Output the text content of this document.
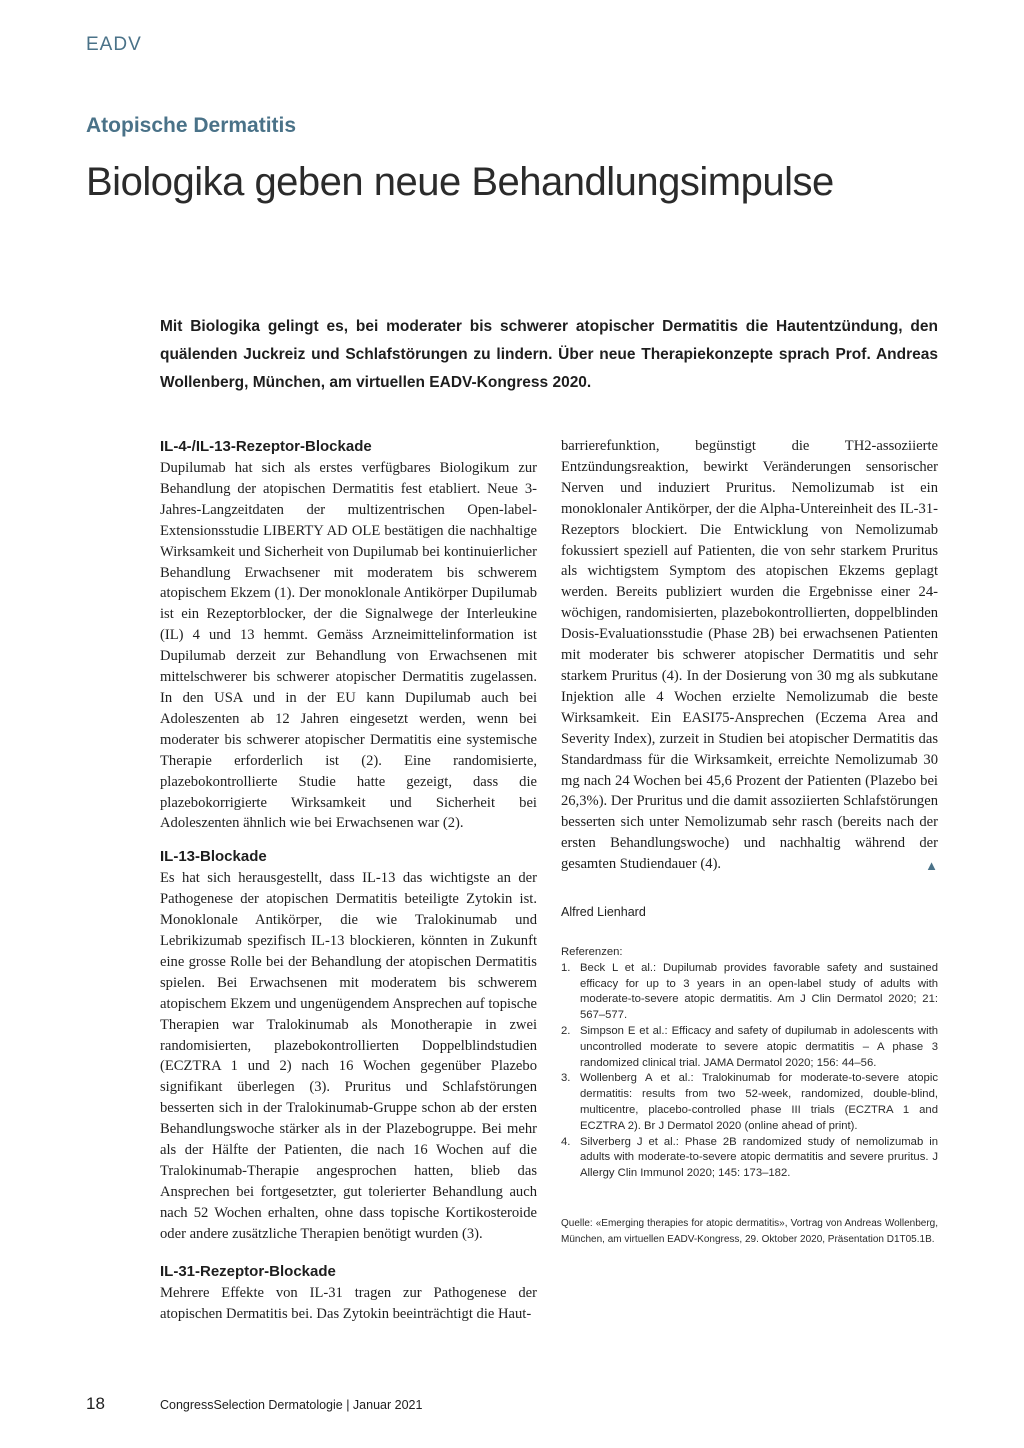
EADV
Atopische Dermatitis
Biologika geben neue Behandlungsimpulse
Mit Biologika gelingt es, bei moderater bis schwerer atopischer Dermatitis die Hautentzündung, den quälenden Juckreiz und Schlafstörungen zu lindern. Über neue Therapiekonzepte sprach Prof. Andreas Wollenberg, München, am virtuellen EADV-Kongress 2020.
IL-4-/IL-13-Rezeptor-Blockade

Dupilumab hat sich als erstes verfügbares Biologikum zur Behandlung der atopischen Dermatitis fest etabliert. Neue 3-Jahres-Langzeitdaten der multizentrischen Open-label-Extensionsstudie LIBERTY AD OLE bestätigen die nachhaltige Wirksamkeit und Sicherheit von Dupilumab bei kontinuierlicher Behandlung Erwachsener mit moderatem bis schwerem atopischem Ekzem (1). Der monoklonale Antikörper Dupilumab ist ein Rezeptorblocker, der die Signalwege der Interleukine (IL) 4 und 13 hemmt. Gemäss Arzneimittelinformation ist Dupilumab derzeit zur Behandlung von Erwachsenen mit mittelschwerer bis schwerer atopischer Dermatitis zugelassen. In den USA und in der EU kann Dupilumab auch bei Adoleszenten ab 12 Jahren eingesetzt werden, wenn bei moderater bis schwerer atopischer Dermatitis eine systemische Therapie erforderlich ist (2). Eine randomisierte, plazebokontrollierte Studie hatte gezeigt, dass die plazebokorrigierte Wirksamkeit und Sicherheit bei Adoleszenten ähnlich wie bei Erwachsenen war (2).

IL-13-Blockade

Es hat sich herausgestellt, dass IL-13 das wichtigste an der Pathogenese der atopischen Dermatitis beteiligte Zytokin ist. Monoklonale Antikörper, die wie Tralokinumab und Lebrikizumab spezifisch IL-13 blockieren, könnten in Zukunft eine grosse Rolle bei der Behandlung der atopischen Dermatitis spielen. Bei Erwachsenen mit moderatem bis schwerem atopischem Ekzem und ungenügendem Ansprechen auf topische Therapien war Tralokinumab als Monotherapie in zwei randomisierten, plazebokontrollierten Doppelblindstudien (ECZTRA 1 und 2) nach 16 Wochen gegenüber Plazebo signifikant überlegen (3). Pruritus und Schlafstörungen besserten sich in der Tralokinumab-Gruppe schon ab der ersten Behandlungswoche stärker als in der Plazebogruppe. Bei mehr als der Hälfte der Patienten, die nach 16 Wochen auf die Tralokinumab-Therapie angesprochen hatten, blieb das Ansprechen bei fortgesetzter, gut tolerierter Behandlung auch nach 52 Wochen erhalten, ohne dass topische Kortikosteroide oder andere zusätzliche Therapien benötigt wurden (3).

IL-31-Rezeptor-Blockade

Mehrere Effekte von IL-31 tragen zur Pathogenese der atopischen Dermatitis bei. Das Zytokin beeinträchtigt die Haut-

barrierefunktion, begünstigt die TH2-assoziierte Entzündungsreaktion, bewirkt Veränderungen sensorischer Nerven und induziert Pruritus. Nemolizumab ist ein monoklonaler Antikörper, der die Alpha-Untereinheit des IL-31-Rezeptors blockiert. Die Entwicklung von Nemolizumab fokussiert speziell auf Patienten, die von sehr starkem Pruritus als wichtigstem Symptom des atopischen Ekzems geplagt werden. Bereits publiziert wurden die Ergebnisse einer 24-wöchigen, randomisierten, plazebokontrollierten, doppelblinden Dosis-Evaluationsstudie (Phase 2B) bei erwachsenen Patienten mit moderater bis schwerer atopischer Dermatitis und sehr starkem Pruritus (4). In der Dosierung von 30 mg als subkutane Injektion alle 4 Wochen erzielte Nemolizumab die beste Wirksamkeit. Ein EASI75-Ansprechen (Eczema Area and Severity Index), zurzeit in Studien bei atopischer Dermatitis das Standardmass für die Wirksamkeit, erreichte Nemolizumab 30 mg nach 24 Wochen bei 45,6 Prozent der Patienten (Plazebo bei 26,3%). Der Pruritus und die damit assoziierten Schlafstörungen besserten sich unter Nemolizumab sehr rasch (bereits nach der ersten Behandlungswoche) und nachhaltig während der gesamten Studiendauer (4).	▲

Alfred Lienhard

Referenzen:

1. Beck L et al.: Dupilumab provides favorable safety and sustained efficacy for up to 3 years in an open-label study of adults with moderate-to-severe atopic dermatitis. Am J Clin Dermatol 2020; 21: 567–577.
2. Simpson E et al.: Efficacy and safety of dupilumab in adolescents with uncontrolled moderate to severe atopic dermatitis – A phase 3 randomized clinical trial. JAMA Dermatol 2020; 156: 44–56.
3. Wollenberg A et al.: Tralokinumab for moderate-to-severe atopic dermatitis: results from two 52-week, randomized, double-blind, multicentre, placebo-controlled phase III trials (ECZTRA 1 and ECZTRA 2). Br J Dermatol 2020 (online ahead of print).
4. Silverberg J et al.: Phase 2B randomized study of nemolizumab in adults with moderate-to-severe atopic dermatitis and severe pruritus. J Allergy Clin Immunol 2020; 145: 173–182.
Quelle: «Emerging therapies for atopic dermatitis», Vortrag von Andreas Wollenberg, München, am virtuellen EADV-Kongress, 29. Oktober 2020, Präsentation D1T05.1B.
18	CongressSelection Dermatologie | Januar 2021
